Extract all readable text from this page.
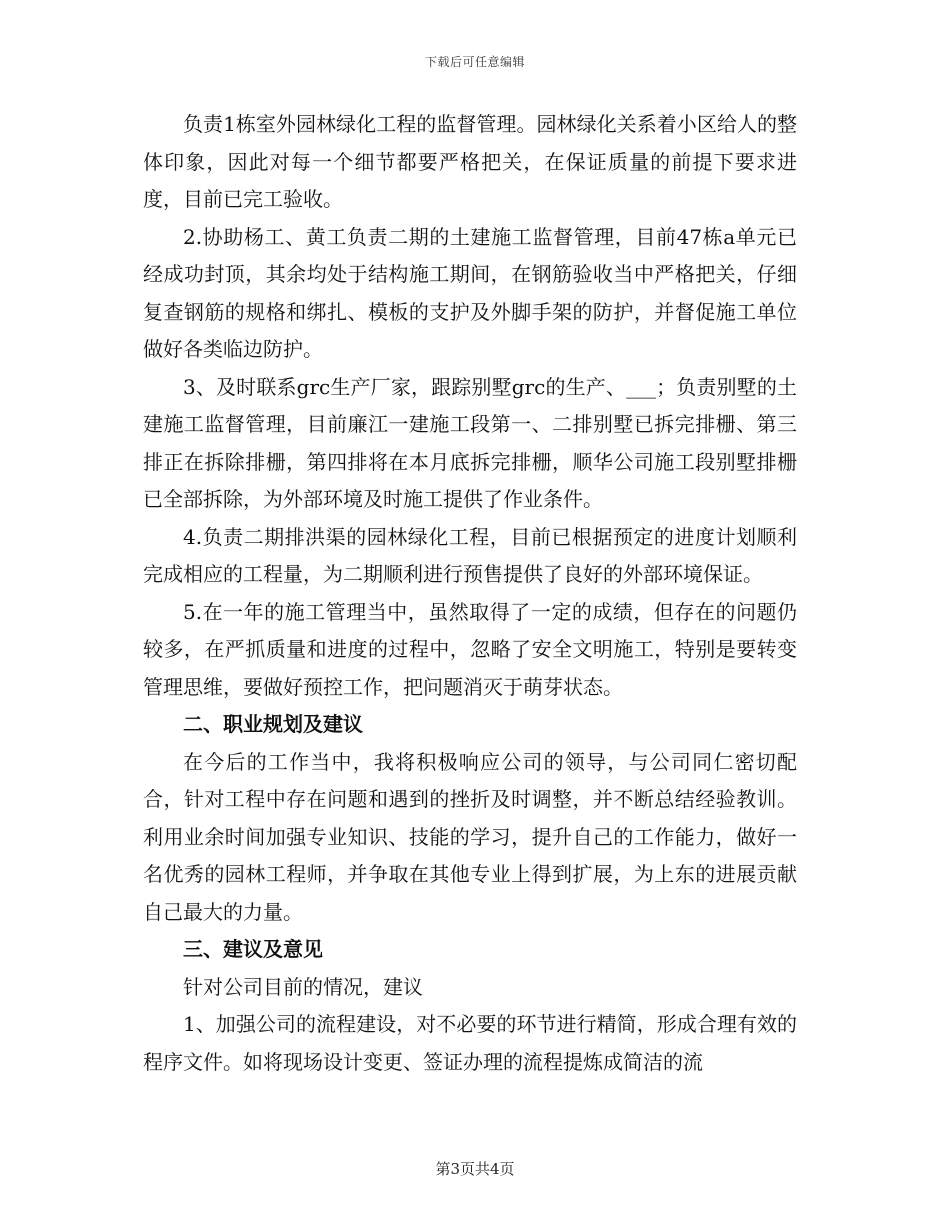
下载后可任意编辑

负责1栋室外园林绿化工程的监督管理。园林绿化关系着小区给人的整体印象，因此对每一个细节都要严格把关，在保证质量的前提下要求进度，目前已完工验收。

2.协助杨工、黄工负责二期的土建施工监督管理，目前47栋a单元已经成功封顶，其余均处于结构施工期间，在钢筋验收当中严格把关，仔细复查钢筋的规格和绑扎、模板的支护及外脚手架的防护，并督促施工单位做好各类临边防护。

3、及时联系grc生产厂家，跟踪别墅grc的生产、___；负责别墅的土建施工监督管理，目前廉江一建施工段第一、二排别墅已拆完排栅、第三排正在拆除排栅，第四排将在本月底拆完排栅，顺华公司施工段别墅排栅已全部拆除，为外部环境及时施工提供了作业条件。

4.负责二期排洪渠的园林绿化工程，目前已根据预定的进度计划顺利完成相应的工程量，为二期顺利进行预售提供了良好的外部环境保证。

5.在一年的施工管理当中，虽然取得了一定的成绩，但存在的问题仍较多，在严抓质量和进度的过程中，忽略了安全文明施工，特别是要转变管理思维，要做好预控工作，把问题消灭于萌芽状态。

二、职业规划及建议

在今后的工作当中，我将积极响应公司的领导，与公司同仁密切配合，针对工程中存在问题和遇到的挫折及时调整，并不断总结经验教训。利用业余时间加强专业知识、技能的学习，提升自己的工作能力，做好一名优秀的园林工程师，并争取在其他专业上得到扩展，为上东的进展贡献自己最大的力量。

三、建议及意见

针对公司目前的情况，建议

1、加强公司的流程建设，对不必要的环节进行精简，形成合理有效的程序文件。如将现场设计变更、签证办理的流程提炼成简洁的流

第3页共4页
